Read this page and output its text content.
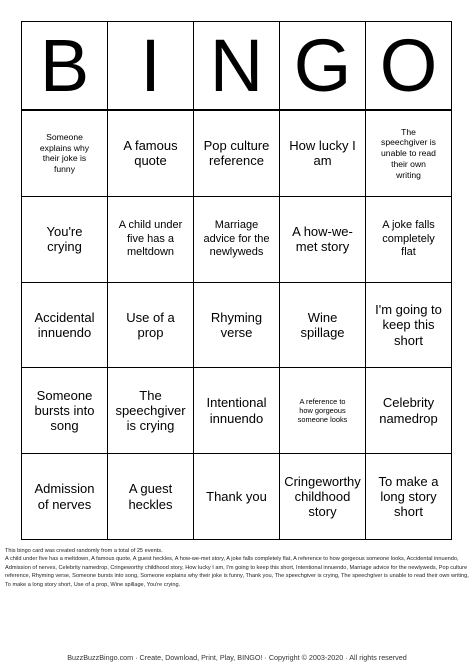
B I N G O
Someone explains why their joke is funny
A famous quote
Pop culture reference
How lucky I am
The speechgiver is unable to read their own writing
You're crying
A child under five has a meltdown
Marriage advice for the newlyweds
A how-we-met story
A joke falls completely flat
Accidental innuendo
Use of a prop
Rhyming verse
Wine spillage
I'm going to keep this short
Someone bursts into song
The speechgiver is crying
Intentional innuendo
A reference to how gorgeous someone looks
Celebrity namedrop
Admission of nerves
A guest heckles
Thank you
Cringeworthy childhood story
To make a long story short

This bingo card was created randomly from a total of 25 events.

A child under five has a meltdown, A famous quote, A guest heckles, A how-we-met story, A joke falls completely flat, A reference to how gorgeous someone looks, Accidental innuendo, Admission of nerves, Celebrity namedrop, Cringeworthy childhood story, How lucky I am, I'm going to keep this short, Intentional innuendo, Marriage advice for the newlyweds, Pop culture reference, Rhyming verse, Someone bursts into song, Someone explains why their joke is funny, Thank you, The speechgiver is crying, The speechgiver is unable to read their own writing, To make a long story short, Use of a prop, Wine spillage, You're crying.

BuzzBuzzBingo.com · Create, Download, Print, Play, BINGO! · Copyright © 2003-2020 · All rights reserved
